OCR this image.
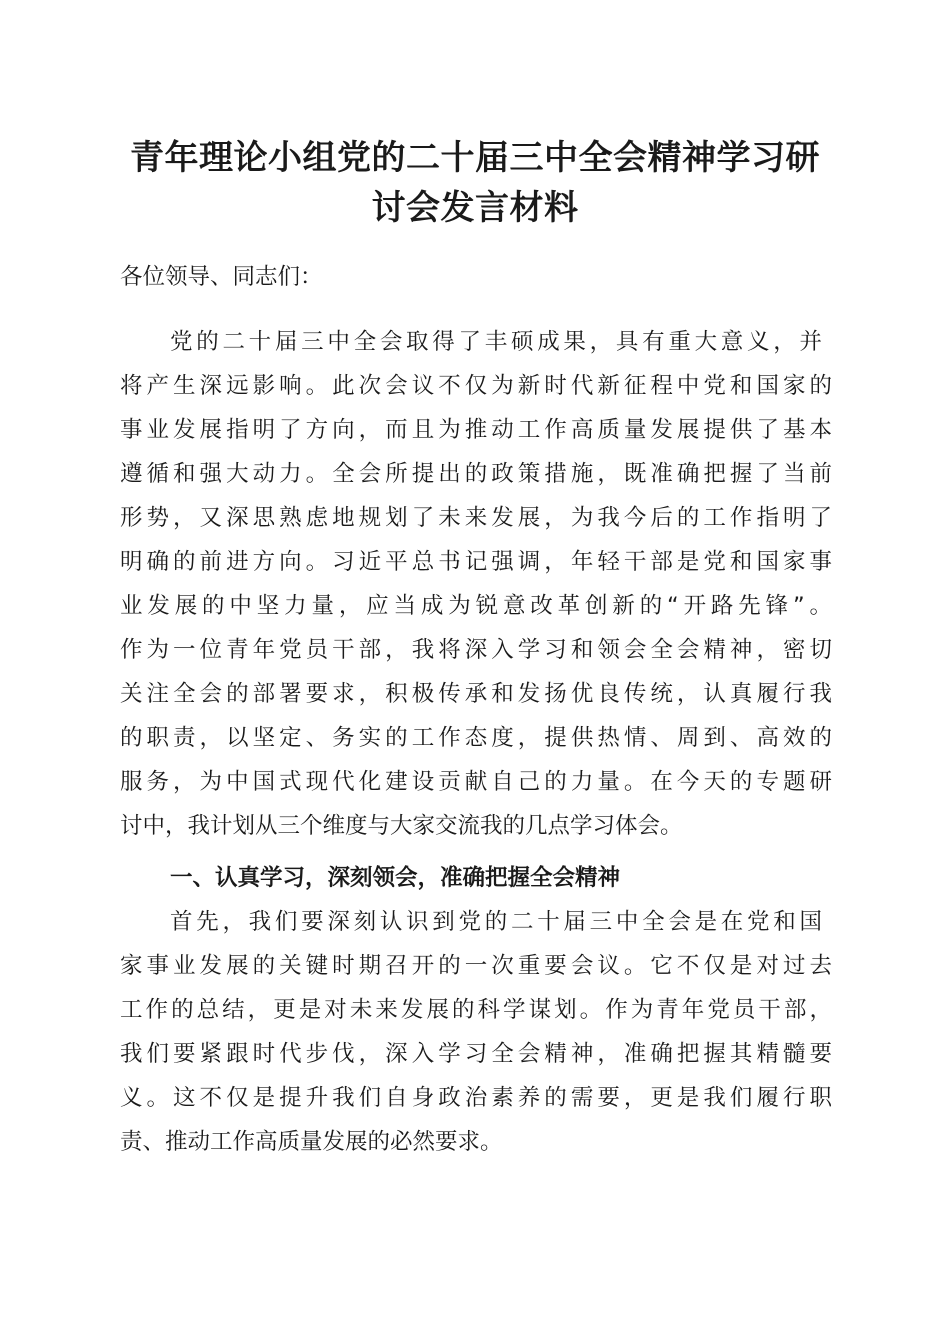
青年理论小组党的二十届三中全会精神学习研
讨会发言材料
各位领导、同志们：
党的二十届三中全会取得了丰硕成果，具有重大意义，并
将产生深远影响。此次会议不仅为新时代新征程中党和国家的
事业发展指明了方向，而且为推动工作高质量发展提供了基本
遵循和强大动力。全会所提出的政策措施，既准确把握了当前
形势，又深思熟虑地规划了未来发展，为我今后的工作指明了
明确的前进方向。习近平总书记强调，年轻干部是党和国家事
业发展的中坚力量，应当成为锐意改革创新的“开路先锋”。
作为一位青年党员干部，我将深入学习和领会全会精神，密切
关注全会的部署要求，积极传承和发扬优良传统，认真履行我
的职责，以坚定、务实的工作态度，提供热情、周到、高效的
服务，为中国式现代化建设贡献自己的力量。在今天的专题研
讨中，我计划从三个维度与大家交流我的几点学习体会。
一、认真学习，深刻领会，准确把握全会精神
首先，我们要深刻认识到党的二十届三中全会是在党和国
家事业发展的关键时期召开的一次重要会议。它不仅是对过去
工作的总结，更是对未来发展的科学谋划。作为青年党员干部，
我们要紧跟时代步伐，深入学习全会精神，准确把握其精髓要
义。这不仅是提升我们自身政治素养的需要，更是我们履行职
责、推动工作高质量发展的必然要求。
